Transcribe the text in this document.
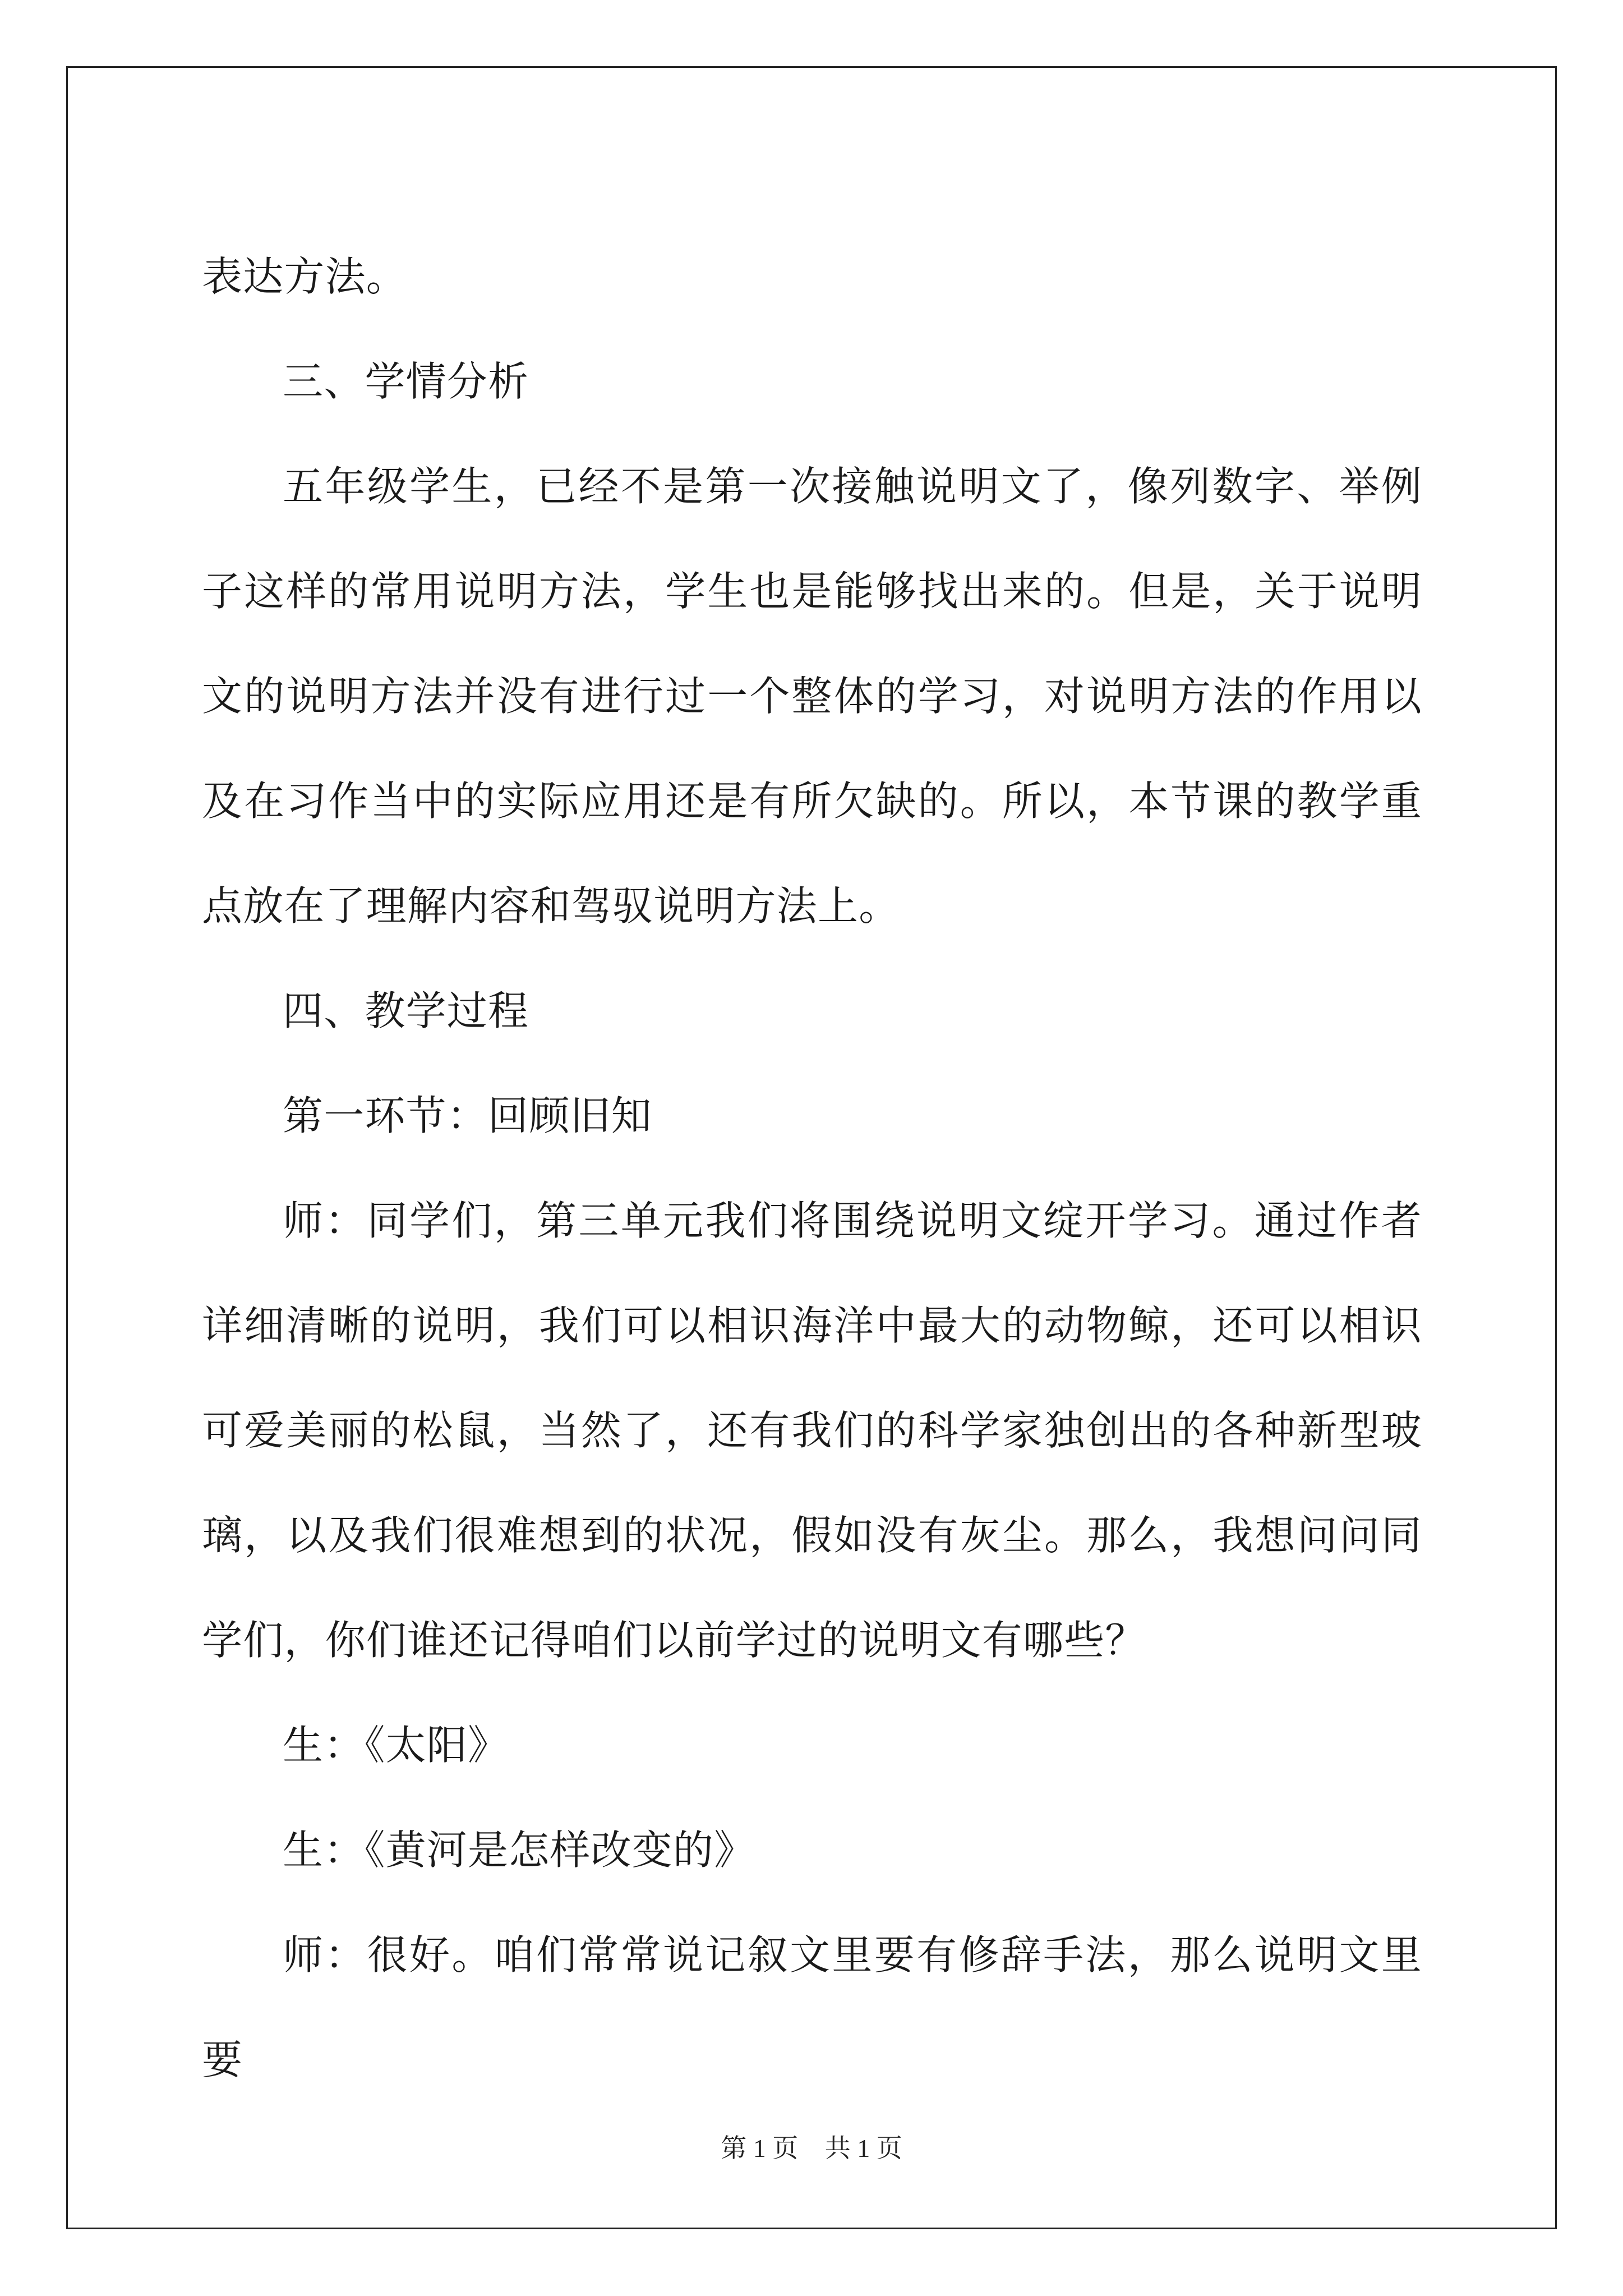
表达方法。

三、学情分析

五年级学生，已经不是第一次接触说明文了，像列数字、举例子这样的常用说明方法，学生也是能够找出来的。但是，关于说明文的说明方法并没有进行过一个整体的学习，对说明方法的作用以及在习作当中的实际应用还是有所欠缺的。所以，本节课的教学重点放在了理解内容和驾驭说明方法上。

四、教学过程

第一环节：回顾旧知

师：同学们，第三单元我们将围绕说明文绽开学习。通过作者详细清晰的说明，我们可以相识海洋中最大的动物鲸，还可以相识可爱美丽的松鼠，当然了，还有我们的科学家独创出的各种新型玻璃，以及我们很难想到的状况，假如没有灰尘。那么，我想问问同学们，你们谁还记得咱们以前学过的说明文有哪些？

生：《太阳》

生：《黄河是怎样改变的》

师：很好。咱们常常说记叙文里要有修辞手法，那么说明文里要

第 1 页 共 1 页
